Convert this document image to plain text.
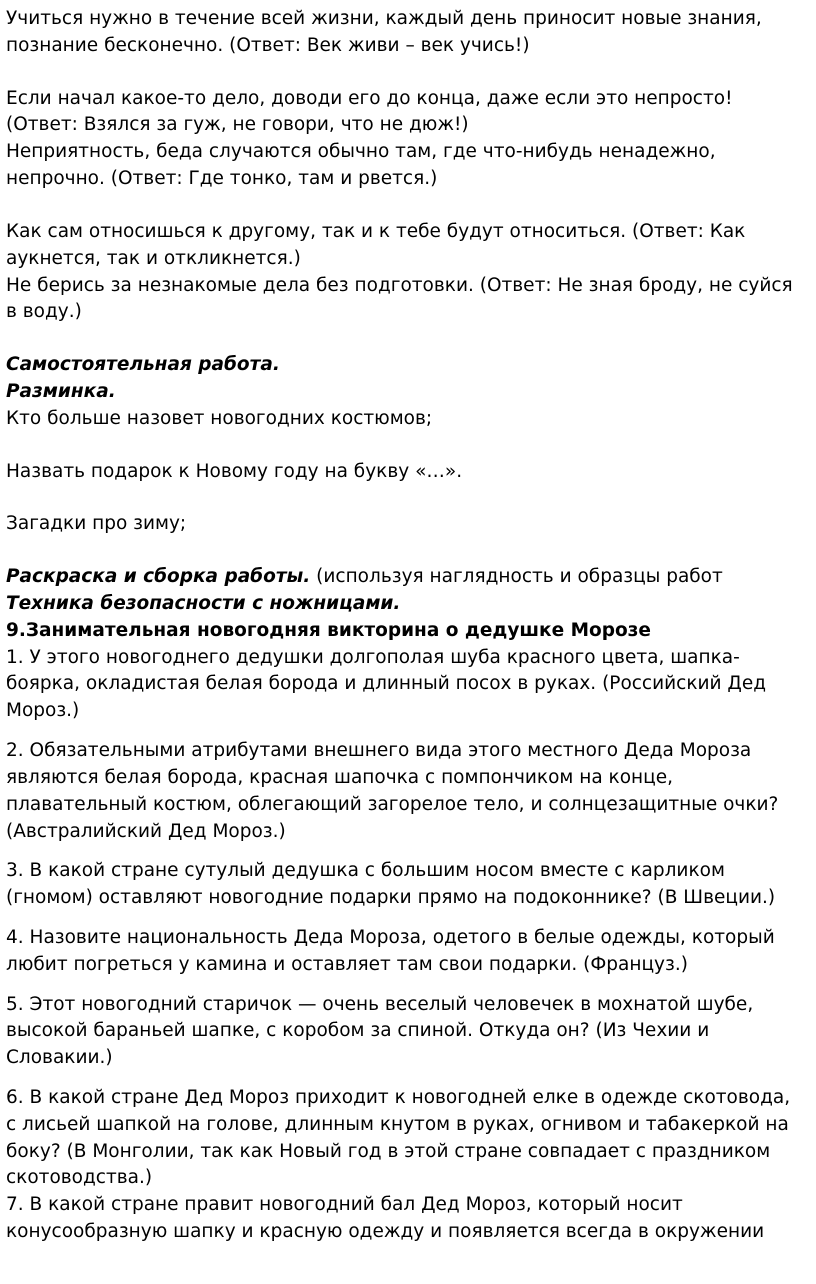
Учиться нужно в течение всей жизни, каждый день приносит новые знания, познание бесконечно. (Ответ: Век живи – век учись!)

Если начал какое-то дело, доводи его до конца, даже если это непросто! (Ответ: Взялся за гуж, не говори, что не дюж!)

Неприятность, беда случаются обычно там, где что-нибудь ненадежно, непрочно. (Ответ: Где тонко, там и рвется.)

Как сам относишься к другому, так и к тебе будут относиться. (Ответ: Как аукнется, так и откликнется.)

Не берись за незнакомые дела без подготовки. (Ответ: Не зная броду, не суйся в воду.)

Самостоятельная работа.

Разминка.

Кто больше назовет новогодних костюмов;

Назвать подарок к Новому году на букву «…».

Загадки про зиму;

Раскраска и сборка работы. (используя наглядность и образцы работ

Техника безопасности с ножницами.

9.Занимательная новогодняя викторина о дедушке Морозе

1. У этого новогоднего дедушки долгополая шуба красного цвета, шапка-боярка, окладистая белая борода и длинный посох в руках. (Российский Дед Мороз.)

2. Обязательными атрибутами внешнего вида этого местного Деда Мороза являются белая борода, красная шапочка с помпончиком на конце, плавательный костюм, облегающий загорелое тело, и солнцезащитные очки? (Австралийский Дед Мороз.)

3. В какой стране сутулый дедушка с большим носом вместе с карликом (гномом) оставляют новогодние подарки прямо на подоконнике? (В Швеции.)

4. Назовите национальность Деда Мороза, одетого в белые одежды, который любит погреться у камина и оставляет там свои подарки. (Француз.)

5. Этот новогодний старичок — очень веселый человечек в мохнатой шубе, высокой бараньей шапке, с коробом за спиной. Откуда он? (Из Чехии и Словакии.)

6. В какой стране Дед Мороз приходит к новогодней елке в одежде скотовода, с лисьей шапкой на голове, длинным кнутом в руках, огнивом и табакеркой на боку? (В Монголии, так как Новый год в этой стране совпадает с праздником скотоводства.)

7. В какой стране правит новогодний бал Дед Мороз, который носит конусообразную шапку и красную одежду и появляется всегда в окружении
